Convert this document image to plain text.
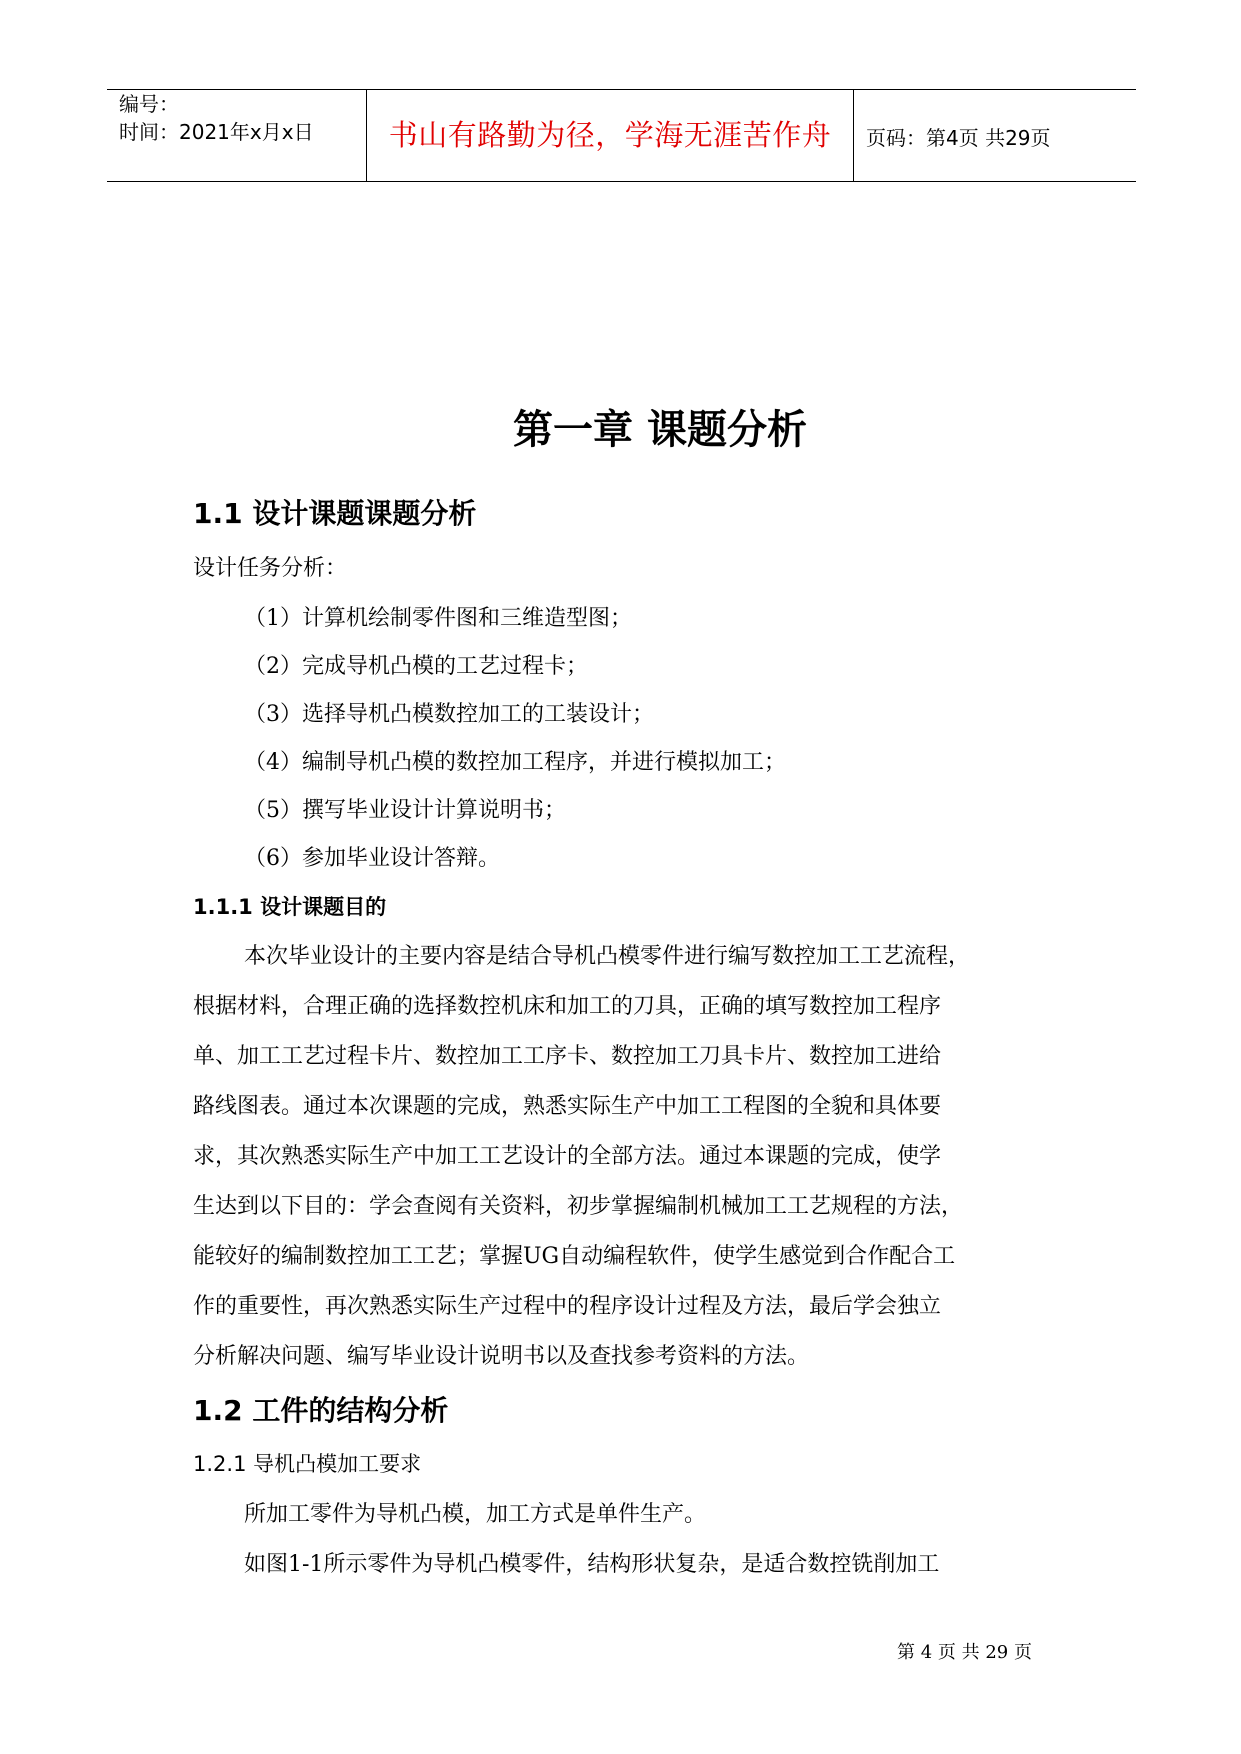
编号：
时间：2021年x月x日	书山有路勤为径，学海无涯苦作舟	页码：第4页 共29页
第一章 课题分析
1.1 设计课题课题分析
设计任务分析：
（1）计算机绘制零件图和三维造型图；
（2）完成导机凸模的工艺过程卡；
（3）选择导机凸模数控加工的工装设计；
（4）编制导机凸模的数控加工程序，并进行模拟加工；
（5）撰写毕业设计计算说明书；
（6）参加毕业设计答辩。
1.1.1 设计课题目的
本次毕业设计的主要内容是结合导机凸模零件进行编写数控加工工艺流程，
根据材料，合理正确的选择数控机床和加工的刀具，正确的填写数控加工程序
单、加工工艺过程卡片、数控加工工序卡、数控加工刀具卡片、数控加工进给
路线图表。通过本次课题的完成，熟悉实际生产中加工工程图的全貌和具体要
求，其次熟悉实际生产中加工工艺设计的全部方法。通过本课题的完成，使学
生达到以下目的：学会查阅有关资料，初步掌握编制机械加工工艺规程的方法，
能较好的编制数控加工工艺；掌握UG自动编程软件，使学生感觉到合作配合工
作的重要性，再次熟悉实际生产过程中的程序设计过程及方法，最后学会独立
分析解决问题、编写毕业设计说明书以及查找参考资料的方法。
1.2 工件的结构分析
1.2.1 导机凸模加工要求
所加工零件为导机凸模，加工方式是单件生产。
如图1-1所示零件为导机凸模零件，结构形状复杂，是适合数控铣削加工
第 4 页 共 29 页
